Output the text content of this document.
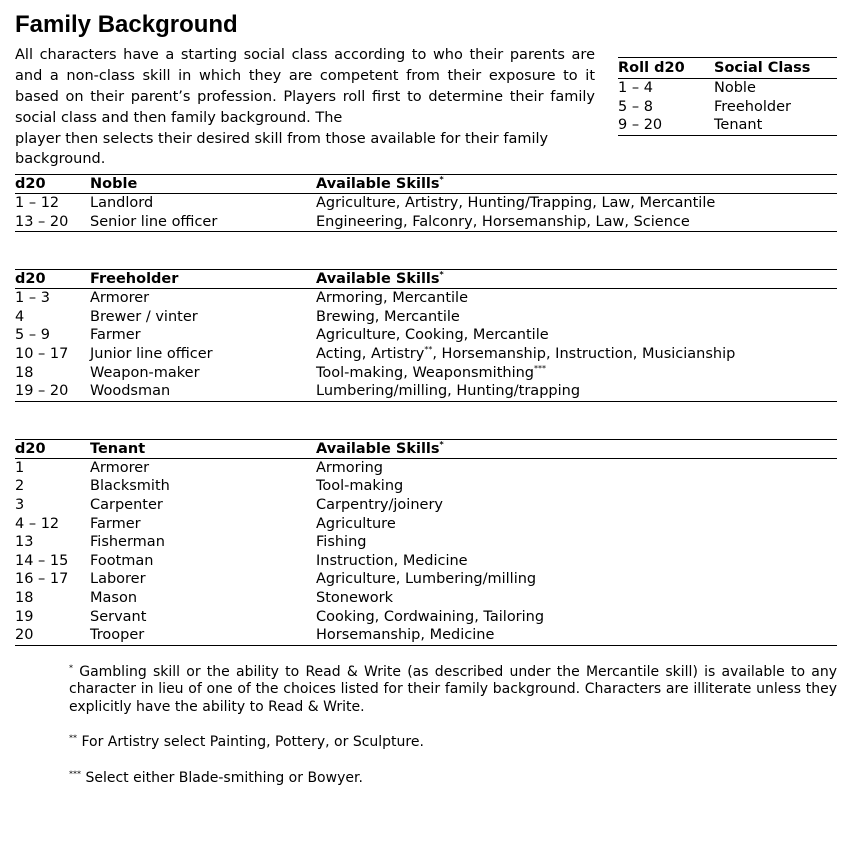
Family Background

All characters have a starting social class according to who their parents are and a non-class skill in which they are competent from their exposure to it based on their parent’s profession. Players roll first to determine their family social class and then family background. The

player then selects their desired skill from those available for their family background.

Roll d20	Social Class
1 – 4	Noble
5 – 8	Freeholder
9 – 20	Tenant
d20	Noble	Available Skills*
1 – 12	Landlord	Agriculture, Artistry, Hunting/Trapping, Law, Mercantile
13 – 20	Senior line officer	Engineering, Falconry, Horsemanship, Law, Science
d20	Freeholder	Available Skills*
1 – 3	Armorer	Armoring, Mercantile
4	Brewer / vinter	Brewing, Mercantile
5 – 9	Farmer	Agriculture, Cooking, Mercantile
10 – 17	Junior line officer	Acting, Artistry**, Horsemanship, Instruction, Musicianship
18	Weapon-maker	Tool-making, Weaponsmithing***
19 – 20	Woodsman	Lumbering/milling, Hunting/trapping
d20	Tenant	Available Skills*
1	Armorer	Armoring
2	Blacksmith	Tool-making
3	Carpenter	Carpentry/joinery
4 – 12	Farmer	Agriculture
13	Fisherman	Fishing
14 – 15	Footman	Instruction, Medicine
16 – 17	Laborer	Agriculture, Lumbering/milling
18	Mason	Stonework
19	Servant	Cooking, Cordwaining, Tailoring
20	Trooper	Horsemanship, Medicine

* Gambling skill or the ability to Read & Write (as described under the Mercantile skill) is available to any character in lieu of one of the choices listed for their family background. Characters are illiterate unless they explicitly have the ability to Read & Write.

** For Artistry select Painting, Pottery, or Sculpture.

*** Select either Blade-smithing or Bowyer.
